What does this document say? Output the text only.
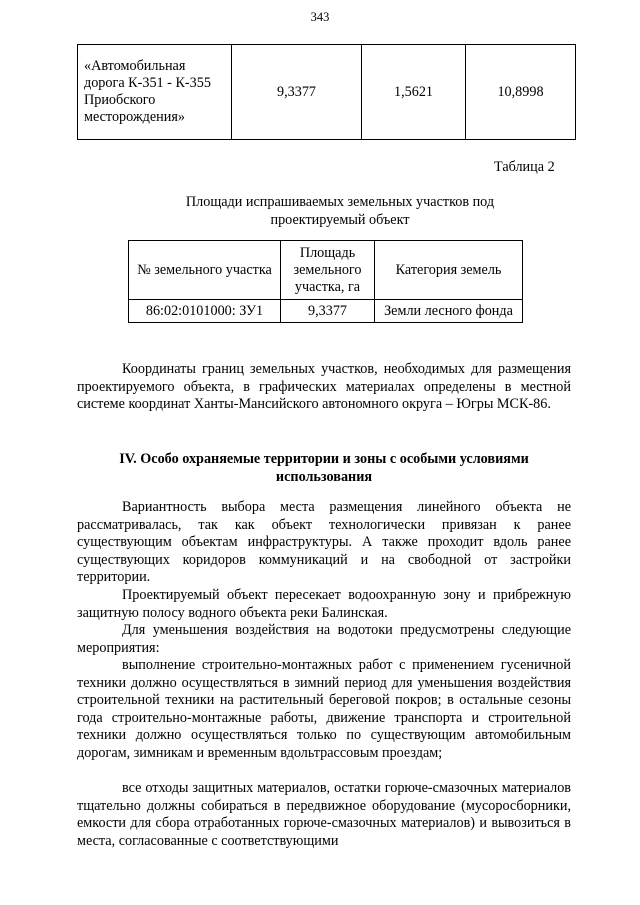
343
«Автомобильная дорога К-351 - К-355 Приобского месторождения»	9,3377	1,5621	10,8998
Таблица 2
Площади испрашиваемых земельных участков под проектируемый объект
№ земельного участка	Площадь земельного участка, га	Категория земель
86:02:0101000: ЗУ1	9,3377	Земли лесного фонда

Координаты границ земельных участков, необходимых для размещения проектируемого объекта, в графических материалах определены в местной системе координат Ханты-Мансийского автономного округа – Югры МСК-86.

IV. Особо охраняемые территории и зоны с особыми условиями использования

Вариантность выбора места размещения линейного объекта не рассматривалась, так как объект технологически привязан к ранее существующим объектам инфраструктуры. А также проходит вдоль ранее существующих коридоров коммуникаций и на свободной от застройки территории.

Проектируемый объект пересекает водоохранную зону и прибрежную защитную полосу водного объекта реки Балинская.

Для уменьшения воздействия на водотоки предусмотрены следующие мероприятия:

выполнение строительно-монтажных работ с применением гусеничной техники должно осуществляться в зимний период для уменьшения воздействия строительной техники на растительный береговой покров; в остальные сезоны года строительно-монтажные работы, движение транспорта и строительной техники должно осуществляться только по существующим автомобильным дорогам, зимникам и временным вдольтрассовым проездам;

все отходы защитных материалов, остатки горюче-смазочных материалов тщательно должны собираться в передвижное оборудование (мусоросборники, емкости для сбора отработанных горюче-смазочных материалов) и вывозиться в места, согласованные с соответствующими
